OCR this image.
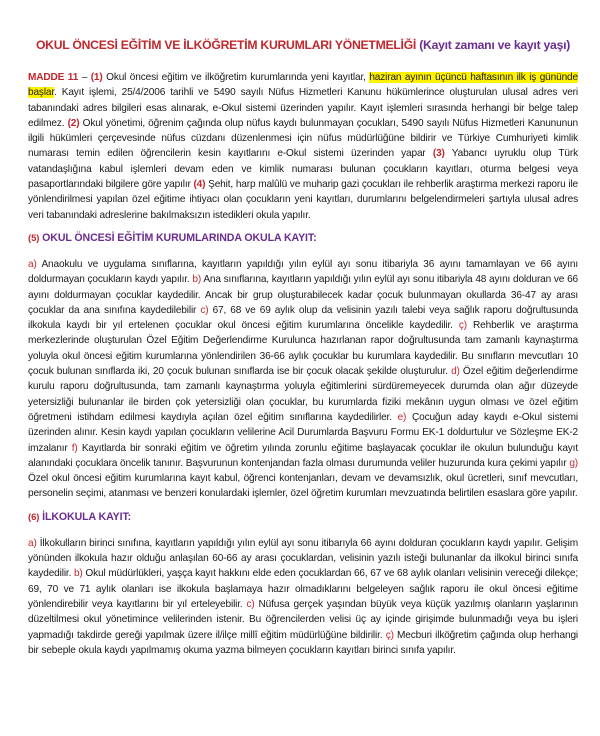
OKUL ÖNCESİ EĞİTİM VE İLKÖĞRETİM KURUMLARI YÖNETMELİĞİ (Kayıt zamanı ve kayıt yaşı)

MADDE 11 – (1) Okul öncesi eğitim ve ilköğretim kurumlarında yeni kayıtlar, haziran ayının üçüncü haftasının ilk iş gününde başlar. Kayıt işlemi, 25/4/2006 tarihli ve 5490 sayılı Nüfus Hizmetleri Kanunu hükümlerince oluşturulan ulusal adres veri tabanındaki adres bilgileri esas alınarak, e-Okul sistemi üzerinden yapılır. Kayıt işlemleri sırasında herhangi bir belge talep edilmez. (2) Okul yönetimi, öğrenim çağında olup nüfus kaydı bulunmayan çocukları, 5490 sayılı Nüfus Hizmetleri Kanununun ilgili hükümleri çerçevesinde nüfus cüzdanı düzenlenmesi için nüfus müdürlüğüne bildirir ve Türkiye Cumhuriyeti kimlik numarası temin edilen öğrencilerin kesin kayıtlarını e-Okul sistemi üzerinden yapar (3) Yabancı uyruklu olup Türk vatandaşlığına kabul işlemleri devam eden ve kimlik numarası bulunan çocukların kayıtları, oturma belgesi veya pasaportlarındaki bilgilere göre yapılır (4) Şehit, harp malûlü ve muharip gazi çocukları ile rehberlik araştırma merkezi raporu ile yönlendirilmesi yapılan özel eğitime ihtiyacı olan çocukların yeni kayıtları, durumlarını belgelendirmeleri şartıyla ulusal adres veri tabanındaki adreslerine bakılmaksızın istedikleri okula yapılır.

(5) OKUL ÖNCESİ EĞİTİM KURUMLARINDA OKULA KAYIT:

a) Anaokulu ve uygulama sınıflarına, kayıtların yapıldığı yılın eylül ayı sonu itibariyla 36 ayını tamamlayan ve 66 ayını doldurmayan çocukların kaydı yapılır. b) Ana sınıflarına, kayıtların yapıldığı yılın eylül ayı sonu itibariyla 48 ayını dolduran ve 66 ayını doldurmayan çocuklar kaydedilir. Ancak bir grup oluşturabilecek kadar çocuk bulunmayan okullarda 36-47 ay arası çocuklar da ana sınıfına kaydedilebilir c) 67, 68 ve 69 aylık olup da velisinin yazılı talebi veya sağlık raporu doğrultusunda ilkokula kaydı bir yıl ertelenen çocuklar okul öncesi eğitim kurumlarına öncelikle kaydedilir. ç) Rehberlik ve araştırma merkezlerinde oluşturulan Özel Eğitim Değerlendirme Kurulunca hazırlanan rapor doğrultusunda tam zamanlı kaynaştırma yoluyla okul öncesi eğitim kurumlarına yönlendirilen 36-66 aylık çocuklar bu kurumlara kaydedilir. Bu sınıfların mevcutları 10 çocuk bulunan sınıflarda iki, 20 çocuk bulunan sınıflarda ise bir çocuk olacak şekilde oluşturulur. d) Özel eğitim değerlendirme kurulu raporu doğrultusunda, tam zamanlı kaynaştırma yoluyla eğitimlerini sürdüremeyecek durumda olan ağır düzeyde yetersizliği bulunanlar ile birden çok yetersizliği olan çocuklar, bu kurumlarda fiziki mekânın uygun olması ve özel eğitim öğretmeni istihdam edilmesi kaydıyla açılan özel eğitim sınıflarına kaydedilirler. e) Çocuğun aday kaydı e-Okul sistemi üzerinden alınır. Kesin kaydı yapılan çocukların velilerine Acil Durumlarda Başvuru Formu EK-1 doldurtulur ve Sözleşme EK-2 imzalanır f) Kayıtlarda bir sonraki eğitim ve öğretim yılında zorunlu eğitime başlayacak çocuklar ile okulun bulunduğu kayıt alanındaki çocuklara öncelik tanınır. Başvurunun kontenjandan fazla olması durumunda veliler huzurunda kura çekimi yapılır g) Özel okul öncesi eğitim kurumlarına kayıt kabul, öğrenci kontenjanları, devam ve devamsızlık, okul ücretleri, sınıf mevcutları, personelin seçimi, atanması ve benzeri konulardaki işlemler, özel öğretim kurumları mevzuatında belirtilen esaslara göre yapılır.

(6) İLKOKULA KAYIT:

a) İlkokulların birinci sınıfına, kayıtların yapıldığı yılın eylül ayı sonu itibarıyla 66 ayını dolduran çocukların kaydı yapılır. Gelişim yönünden ilkokula hazır olduğu anlaşılan 60-66 ay arası çocuklardan, velisinin yazılı isteği bulunanlar da ilkokul birinci sınıfa kaydedilir. b) Okul müdürlükleri, yaşça kayıt hakkını elde eden çocuklardan 66, 67 ve 68 aylık olanları velisinin vereceği dilekçe; 69, 70 ve 71 aylık olanları ise ilkokula başlamaya hazır olmadıklarını belgeleyen sağlık raporu ile okul öncesi eğitime yönlendirebilir veya kayıtlarını bir yıl erteleyebilir. c) Nüfusa gerçek yaşından büyük veya küçük yazılmış olanların yaşlarının düzeltilmesi okul yönetimince velilerinden istenir. Bu öğrencilerden velisi üç ay içinde girişimde bulunmadığı veya bu işleri yapmadığı takdirde gereği yapılmak üzere il/ilçe millî eğitim müdürlüğüne bildirilir. ç) Mecburi ilköğretim çağında olup herhangi bir sebeple okula kaydı yapılmamış okuma yazma bilmeyen çocukların kayıtları birinci sınıfa yapılır.
